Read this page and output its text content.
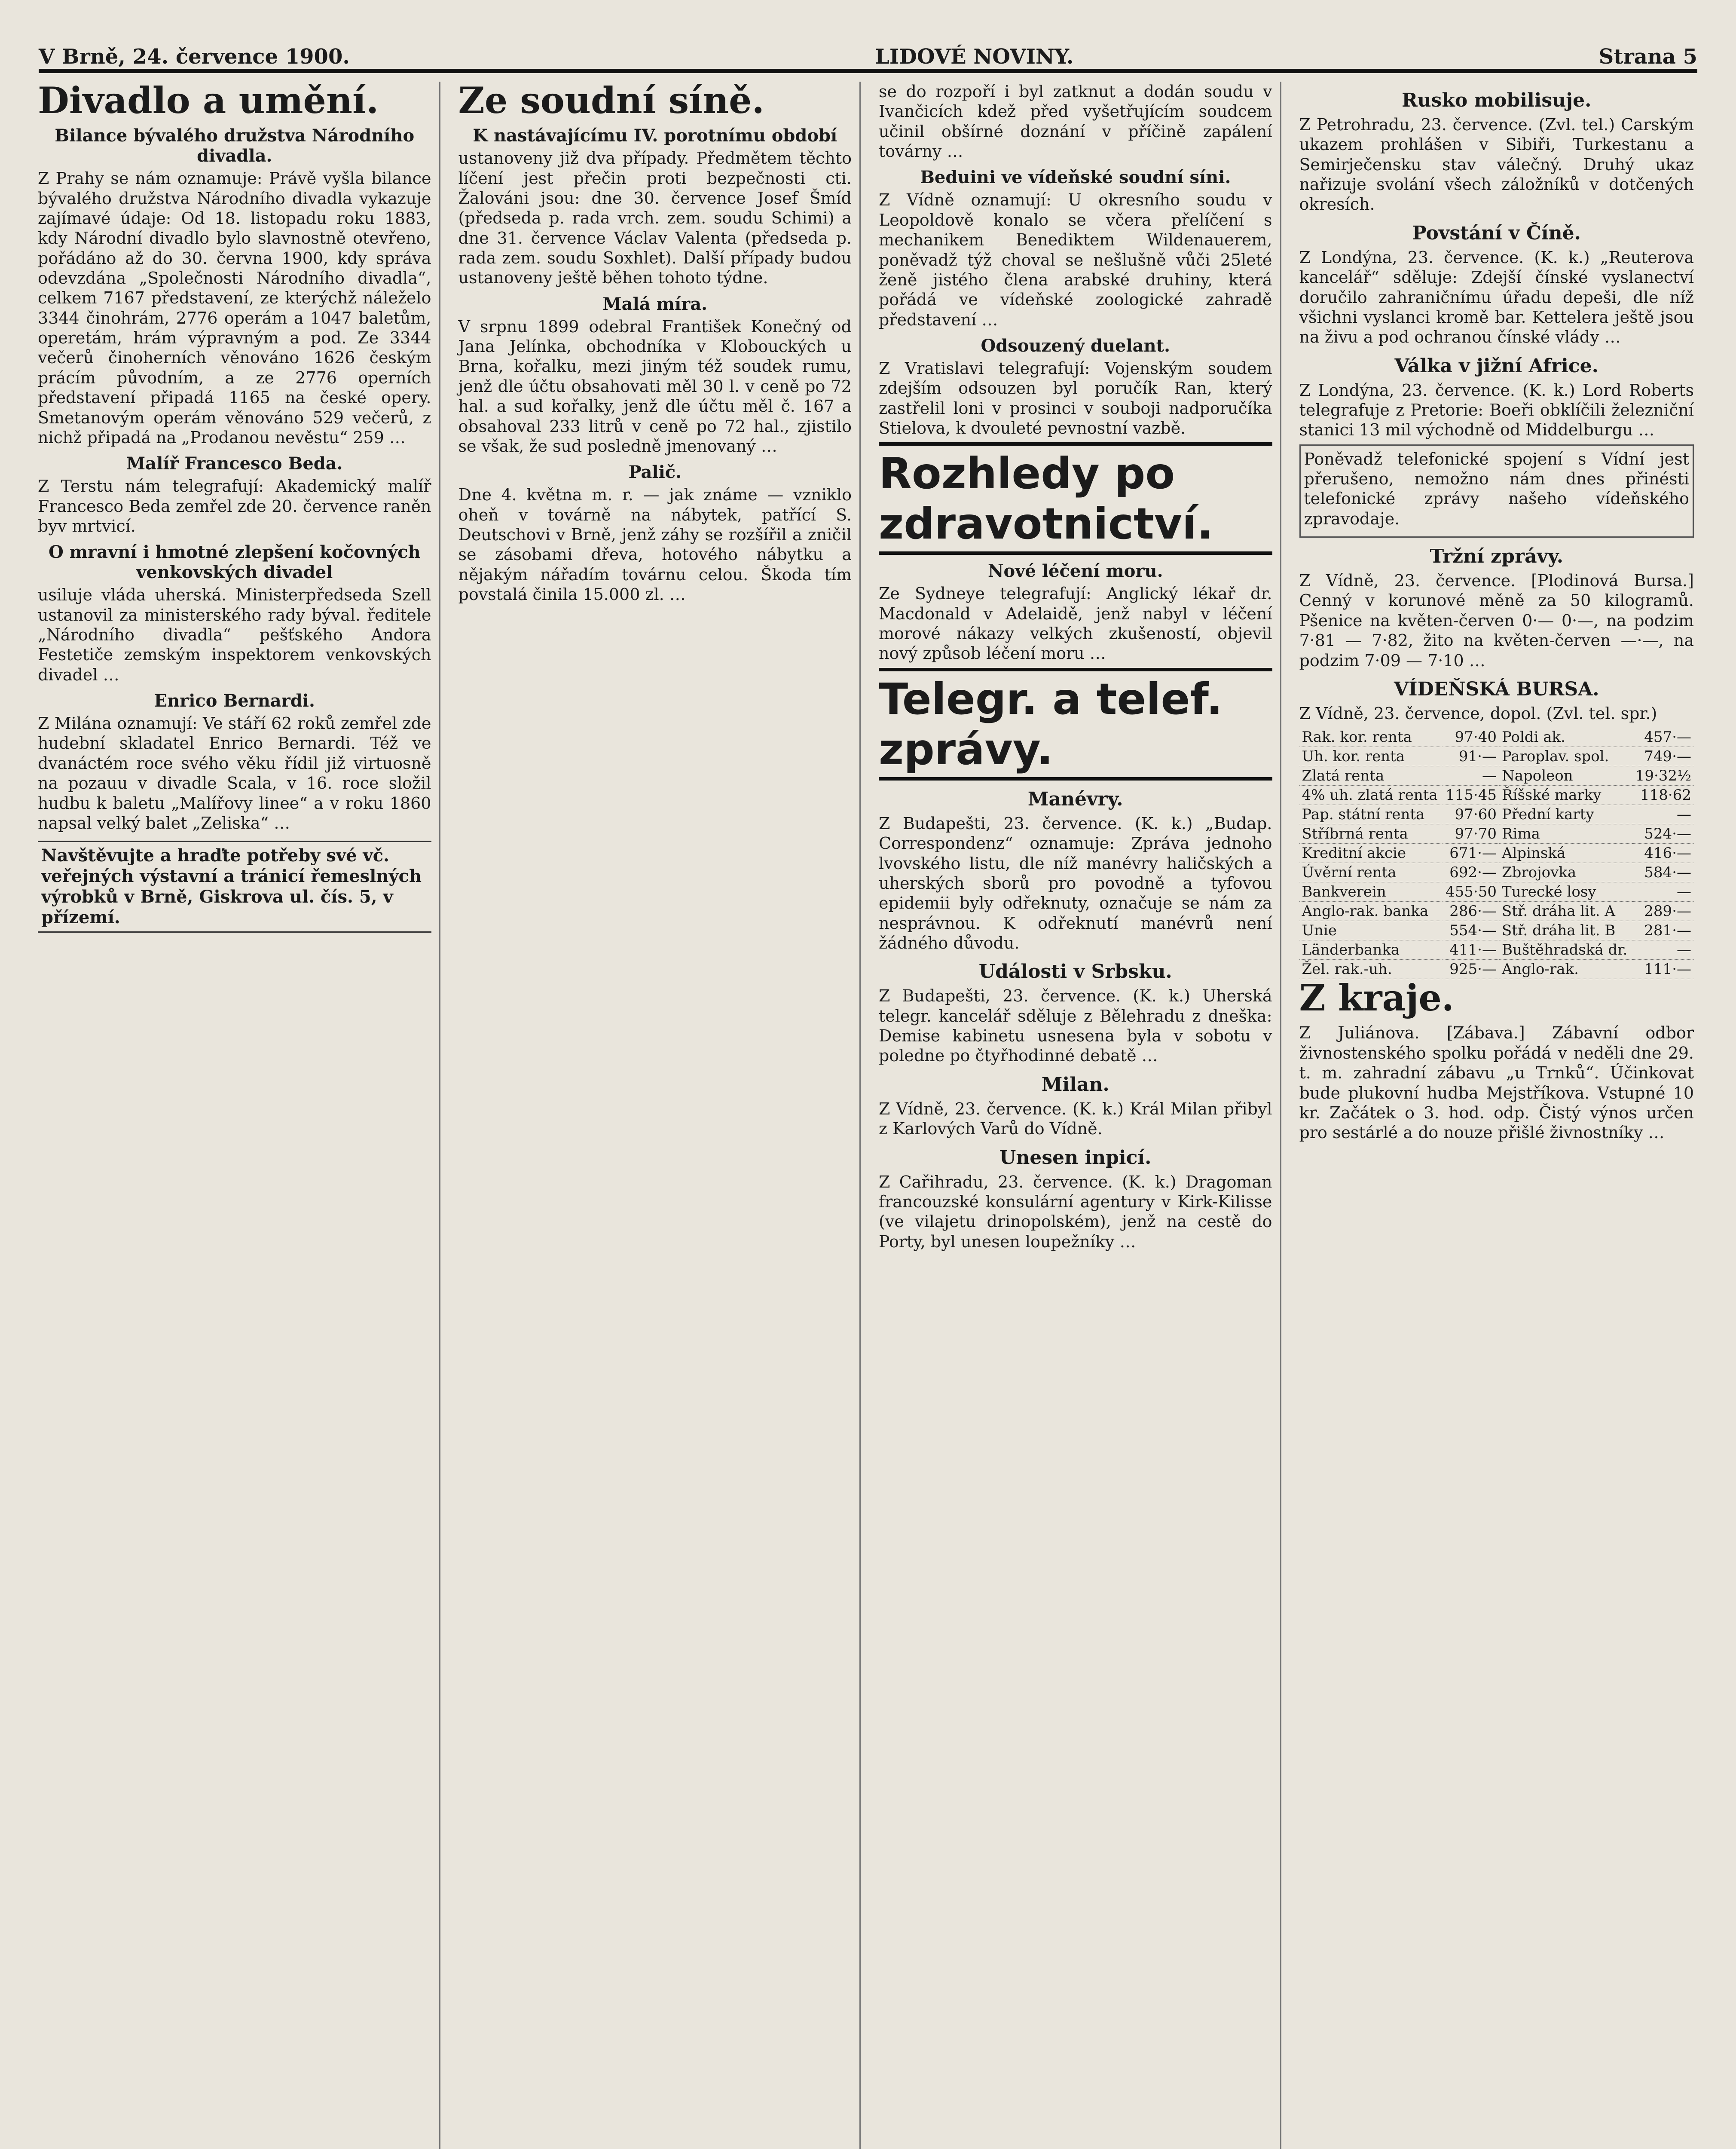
V Brně, 24. července 1900.	LIDOVÉ NOVINY.	Strana 5
Divadlo a umění.
Bilance bývalého družstva Národního divadla.

Z Prahy se nám oznamuje: Právě vyšla bilance bývalého družstva Národního divadla vykazuje zajímavé údaje: Od 18. listopadu roku 1883, kdy Národní divadlo bylo slavnostně otevřeno, pořádáno až do 30. června 1900, kdy správa odevzdána „Společnosti Národního divadla“, celkem 7167 představení, ze kterýchž náleželo 3344 činohrám, 2776 operám a 1047 baletům, operetám, hrám výpravným a pod. Ze 3344 večerů činoherních věnováno 1626 českým prácím původním, a ze 2776 operních představení připadá 1165 na české opery. Smetanovým operám věnováno 529 večerů, z nichž připadá na „Prodanou nevěstu“ 259 …

Malíř Francesco Beda.

Z Terstu nám telegrafují: Akademický malíř Francesco Beda zemřel zde 20. července raněn byv mrtvicí.

O mravní i hmotné zlepšení kočovných venkovských divadel

usiluje vláda uherská. Ministerpředseda Szell ustanovil za ministerského rady býval. ředitele „Národního divadla“ pešťského Andora Festetiče zemským inspektorem venkovských divadel …

Enrico Bernardi.

Z Milána oznamují: Ve stáří 62 roků zemřel zde hudební skladatel Enrico Bernardi. Též ve dvanáctém roce svého věku řídil již virtuosně na pozauu v divadle Scala, v 16. roce složil hudbu k baletu „Malířovy linee“ a v roku 1860 napsal velký balet „Zeliska“ …

Navštěvujte a hraďte potřeby své vč. veřejných výstavní a tránicí řemeslných výrobků v Brně, Giskrova ul. čís. 5, v přízemí.
Ze soudní síně.
K nastávajícímu IV. porotnímu období

ustanoveny již dva případy. Předmětem těchto líčení jest přečin proti bezpečnosti cti. Žalováni jsou: dne 30. července Josef Šmíd (předseda p. rada vrch. zem. soudu Schimi) a dne 31. července Václav Valenta (předseda p. rada zem. soudu Soxhlet). Další případy budou ustanoveny ještě běhen tohoto týdne.

Malá míra.

V srpnu 1899 odebral František Konečný od Jana Jelínka, obchodníka v Klobouckých u Brna, kořalku, mezi jiným též soudek rumu, jenž dle účtu obsahovati měl 30 l. v ceně po 72 hal. a sud kořalky, jenž dle účtu měl č. 167 a obsahoval 233 litrů v ceně po 72 hal., zjistilo se však, že sud posledně jmenovaný …

Palič.

Dne 4. května m. r. — jak známe — vzniklo oheň v továrně na nábytek, patřící S. Deutschovi v Brně, jenž záhy se rozšířil a zničil se zásobami dřeva, hotového nábytku a nějakým nářadím továrnu celou. Škoda tím povstalá činila 15.000 zl. …

se do rozpoří i byl zatknut a dodán soudu v Ivančicích kdež před vyšetřujícím soudcem učinil obšírné doznání v příčině zapálení továrny …

Beduini ve vídeňské soudní síni.

Z Vídně oznamují: U okresního soudu v Leopoldově konalo se včera přelíčení s mechanikem Benediktem Wildenauerem, poněvadž týž choval se nešlušně vůči 25leté ženě jistého člena arabské druhiny, která pořádá ve vídeňské zoologické zahradě představení …

Odsouzený duelant.

Z Vratislavi telegrafují: Vojenským soudem zdejším odsouzen byl poručík Ran, který zastřelil loni v prosinci v souboji nadporučíka Stielova, k dvouleté pevnostní vazbě.

Rozhledy po zdravotnictví.
Nové léčení moru.

Ze Sydneye telegrafují: Anglický lékař dr. Macdonald v Adelaidě, jenž nabyl v léčení morové nákazy velkých zkušeností, objevil nový způsob léčení moru …

Telegr. a telef. zprávy.
Manévry.

Z Budapešti, 23. července. (K. k.) „Budap. Correspondenz“ oznamuje: Zpráva jednoho lvovského listu, dle níž manévry haličských a uherských sborů pro povodně a tyfovou epidemii byly odřeknuty, označuje se nám za nesprávnou. K odřeknutí manévrů není žádného důvodu.

Události v Srbsku.

Z Budapešti, 23. července. (K. k.) Uherská telegr. kancelář sděluje z Bělehradu z dneška: Demise kabinetu usnesena byla v sobotu v poledne po čtyřhodinné debatě …

Milan.

Z Vídně, 23. července. (K. k.) Král Milan přibyl z Karlových Varů do Vídně.

Unesen inpicí.

Z Cařihradu, 23. července. (K. k.) Dragoman francouzské konsulární agentury v Kirk-Kilisse (ve vilajetu drinopolském), jenž na cestě do Porty, byl unesen loupežníky …

Rusko mobilisuje.

Z Petrohradu, 23. července. (Zvl. tel.) Carským ukazem prohlášen v Sibiři, Turkestanu a Semirječensku stav válečný. Druhý ukaz nařizuje svolání všech záložníků v dotčených okresích.

Povstání v Číně.

Z Londýna, 23. července. (K. k.) „Reuterova kancelář“ sděluje: Zdejší čínské vyslanectví doručilo zahraničnímu úřadu depeši, dle níž všichni vyslanci kromě bar. Kettelera ještě jsou na živu a pod ochranou čínské vlády …

Válka v jižní Africe.

Z Londýna, 23. července. (K. k.) Lord Roberts telegrafuje z Pretorie: Boeři obklíčili železniční stanici 13 mil východně od Middelburgu …

Poněvadž telefonické spojení s Vídní jest přerušeno, nemožno nám dnes přinésti telefonické zprávy našeho vídeňského zpravodaje.

Tržní zprávy.

Z Vídně, 23. července. [Plodinová Bursa.] Cenný v korunové měně za 50 kilogramů. Pšenice na květen-červen 0·— 0·—, na podzim 7·81 — 7·82, žito na květen-červen —·—, na podzim 7·09 — 7·10 …

VÍDEŇSKÁ BURSA.
Z Vídně, 23. července, dopol. (Zvl. tel. spr.)
Rak. kor. renta	97·40	Poldi ak.	457·—
Uh. kor. renta	91·—	Paroplav. spol.	749·—
Zlatá renta	—	Napoleon	19·32½
4% uh. zlatá renta	115·45	Říšské marky	118·62
Pap. státní renta	97·60	Přední karty	—
Stříbrná renta	97·70	Rima	524·—
Kreditní akcie	671·—	Alpinská	416·—
Úvěrní renta	692·—	Zbrojovka	584·—
Bankverein	455·50	Turecké losy	—
Anglo-rak. banka	286·—	Stř. dráha lit. A	289·—
Unie	554·—	Stř. dráha lit. B	281·—
Länderbanka	411·—	Buštěhradská dr.	—
Žel. rak.-uh.	925·—	Anglo-rak.	111·—
Z kraje.

Z Juliánova. [Zábava.] Zábavní odbor živnostenského spolku pořádá v neděli dne 29. t. m. zahradní zábavu „u Trnků“. Účinkovat bude plukovní hudba Mejstříkova. Vstupné 10 kr. Začátek o 3. hod. odp. Čistý výnos určen pro sestárlé a do nouze přišlé živnostníky …
